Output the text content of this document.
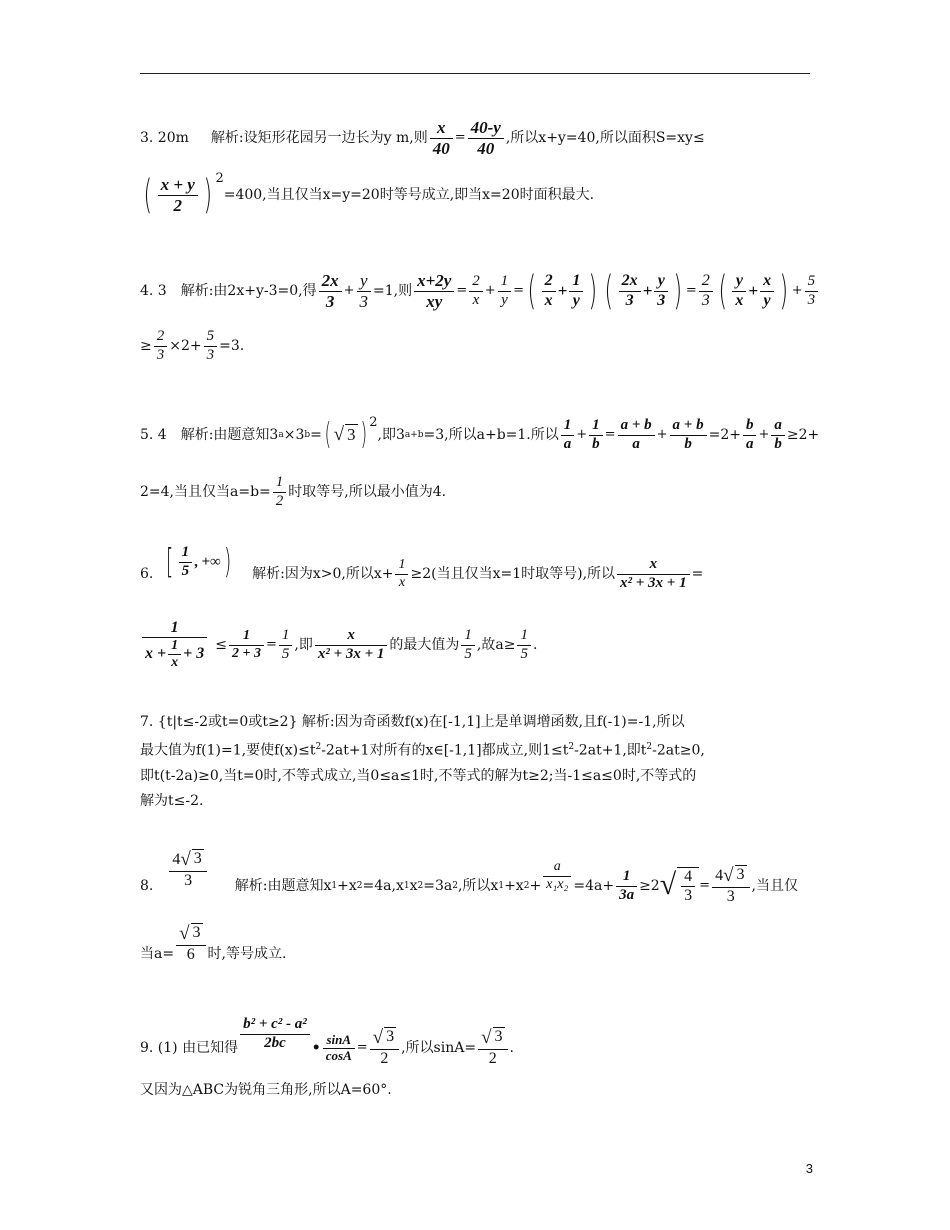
3. 20m 解析:设矩形花园另一边长为y m,则 $\frac{x}{40} = \frac{40-y}{40}$ ,所以x+y=40,所以面积S=xy≤
( $\frac{x + y}{2}$ ) 2
=400,当且仅当x=y=20时等号成立,即当x=20时面积最大.
4. 3 解析:由2x+y-3=0,得 $\frac{2x}{3} + \frac{y}{3} =1$,则 $\frac{x+2y}{xy} = \frac{2}{x} + \frac{1}{y}$ = ( $\frac{2}{x} + \frac{1}{y}$ ) ( $\frac{2x}{3} + \frac{y}{3}$ ) = $\frac{2}{3}$ ( $\frac{y}{x} + \frac{x}{y}$ ) + $\frac{5}{3}$
≥ $\frac{2}{3} \times 2+ \frac{5}{3} =3$.
5. 4 解析:由题意知3 a ×3 b = ( √ 3 ) 2
,即3 a+b =3,所以a+b=1.所以 $\frac{1}{a} + \frac{1}{b} = \frac{a + b}{a} + \frac{a + b}{b} =2+ \frac{b}{a} + \frac{a}{b} \ge 2+$
2=4,当且仅当$a=b= \frac{1}{2}$ 时取等号,所以最小值为4.
6. [ $\frac{1}{5}$ , +∞ ) 解析:因为x>0,所以$x+ \frac{1}{x} \ge 2$(当且仅当x=1时取等号),所以 $\frac{x}{\text{x² + 3x + 1}}$ =
$\frac{1}{x + \frac{1}{x} + 3} \le \frac{1}{2 + 3} = \frac{1}{5}$ ,即 $\frac{x}{\text{x² + 3x + 1}}$ 的最大值为 $\frac{1}{5}$ ,故$a\ge \frac{1}{5}$ .
7. {t|t≤-2或t=0或t≥2} 解析:因为奇函数f(x)在[-1,1]上是单调增函数,且f(-1)=-1,所以
最大值为f(1)=1,要使$f(x)\le t^2-2at+1$对所有的x∈[-1,1]都成立,则$1\le t^2-2at+1$,即$t^2-2at\ge 0$,
即t(t-2a)≥0,当t=0时,不等式成立,当0≤a≤1时,不等式的解为t≥2;当-1≤a≤0时,不等式的
解为t≤-2.
8. $\frac{4 √ 3}{3}$ 解析:由题意知x 1 +x 2 =4a,x 1 x 2 =3a 2 ,所以x 1 +x $2 + \frac{a}{\text{x₁x₂}} =4a+ \frac{1}{3a} \ge 2$ √ $\frac{4}{3} = \frac{4 √ 3}{3}$ ,当且仅
当$a= \frac{√ 3}{6}$ 时,等号成立.
9. (1) 由已知得 $\frac{\text{b² + c² - a²}}{2bc}$ • $\frac{\sin A}{\cos A} = \frac{√ 3}{2}$ ,所以$\sin A= \frac{√ 3}{2}$ .
又因为△ABC为锐角三角形,所以A=60°.
3
